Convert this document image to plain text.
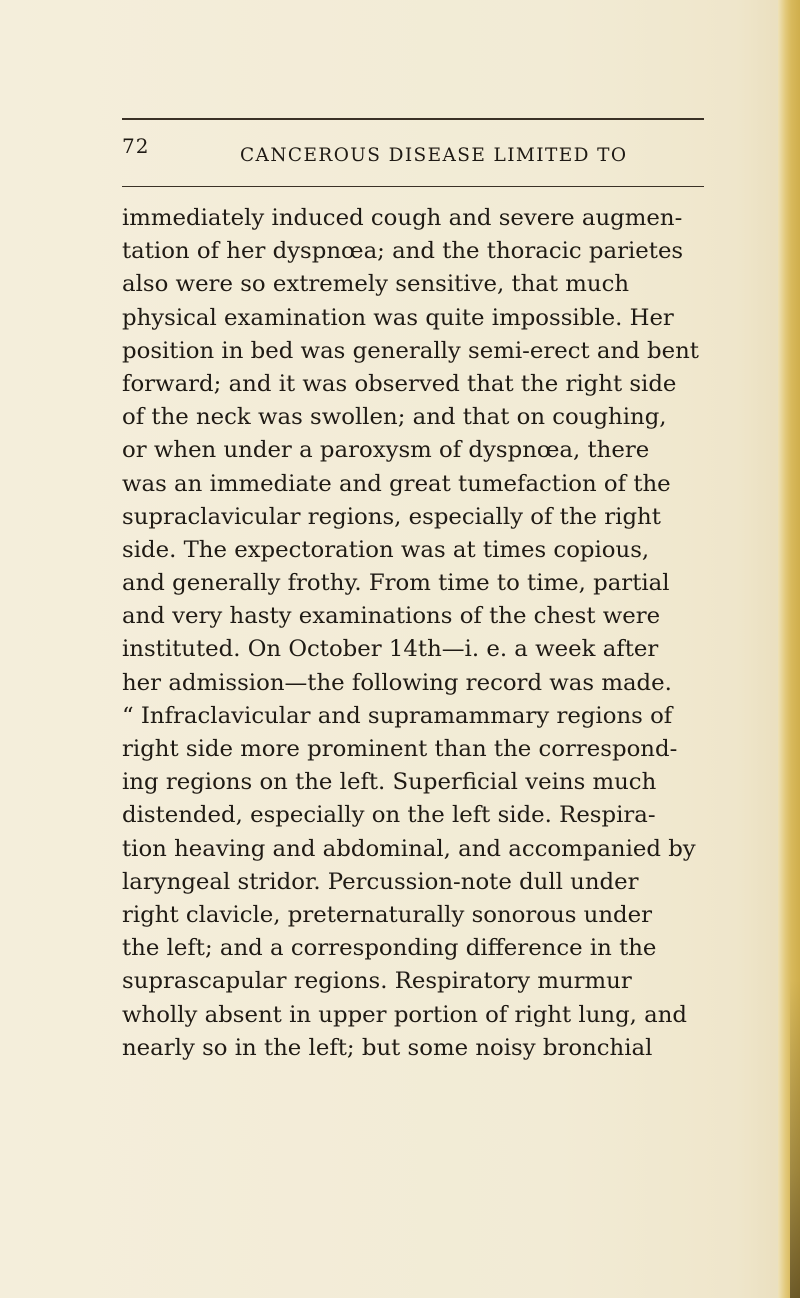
72	CANCEROUS DISEASE LIMITED TO
immediately induced cough and severe augmen-
tation of her dyspnœa; and the thoracic parietes
also were so extremely sensitive, that much
physical examination was quite impossible. Her
position in bed was generally semi-erect and bent
forward; and it was observed that the right side
of the neck was swollen; and that on coughing,
or when under a paroxysm of dyspnœa, there
was an immediate and great tumefaction of the
supraclavicular regions, especially of the right
side. The expectoration was at times copious,
and generally frothy. From time to time, partial
and very hasty examinations of the chest were
instituted. On October 14th—i. e. a week after
her admission—the following record was made.
“ Infraclavicular and supramammary regions of
right side more prominent than the correspond-
ing regions on the left. Superficial veins much
distended, especially on the left side. Respira-
tion heaving and abdominal, and accompanied by
laryngeal stridor. Percussion-note dull under
right clavicle, preternaturally sonorous under
the left; and a corresponding difference in the
suprascapular regions. Respiratory murmur
wholly absent in upper portion of right lung, and
nearly so in the left; but some noisy bronchial
